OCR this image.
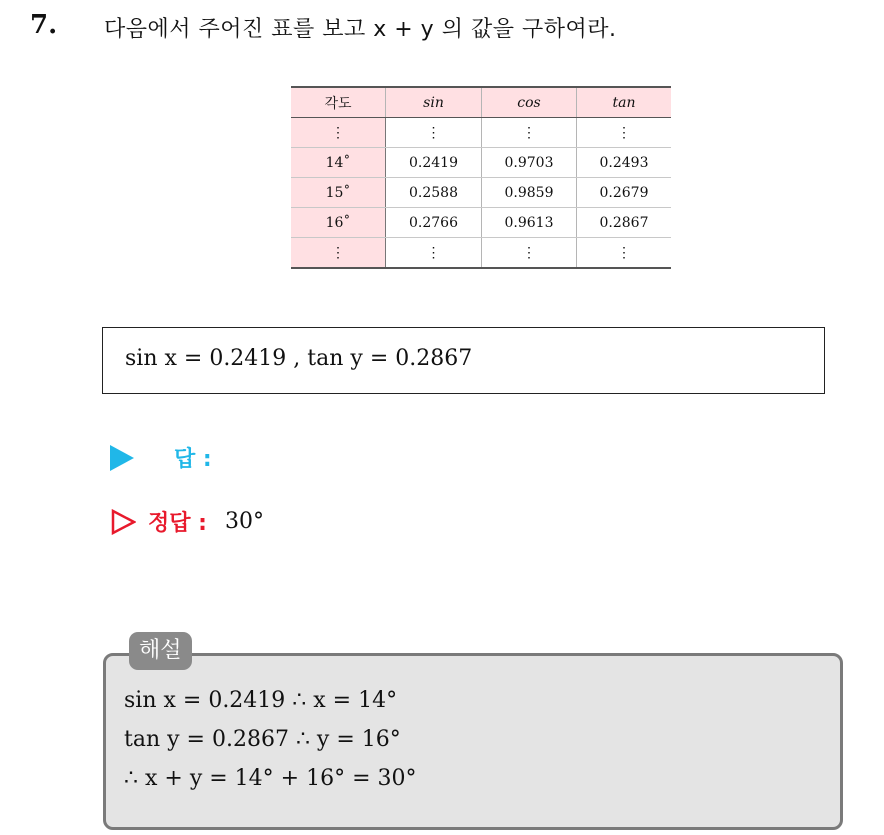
7. 다음에서 주어진 표를 보고 x + y 의 값을 구하여라.
각도	sin	cos	tan
⋮	⋮	⋮	⋮
14˚	0.2419	0.9703	0.2493
15˚	0.2588	0.9859	0.2679
16˚	0.2766	0.9613	0.2867
⋮	⋮	⋮	⋮
sin x = 0.2419 , tan y = 0.2867
답 :
정답 : 30°
해설
sin x = 0.2419 ∴ x = 14°
tan y = 0.2867 ∴ y = 16°
∴ x + y = 14° + 16° = 30°
